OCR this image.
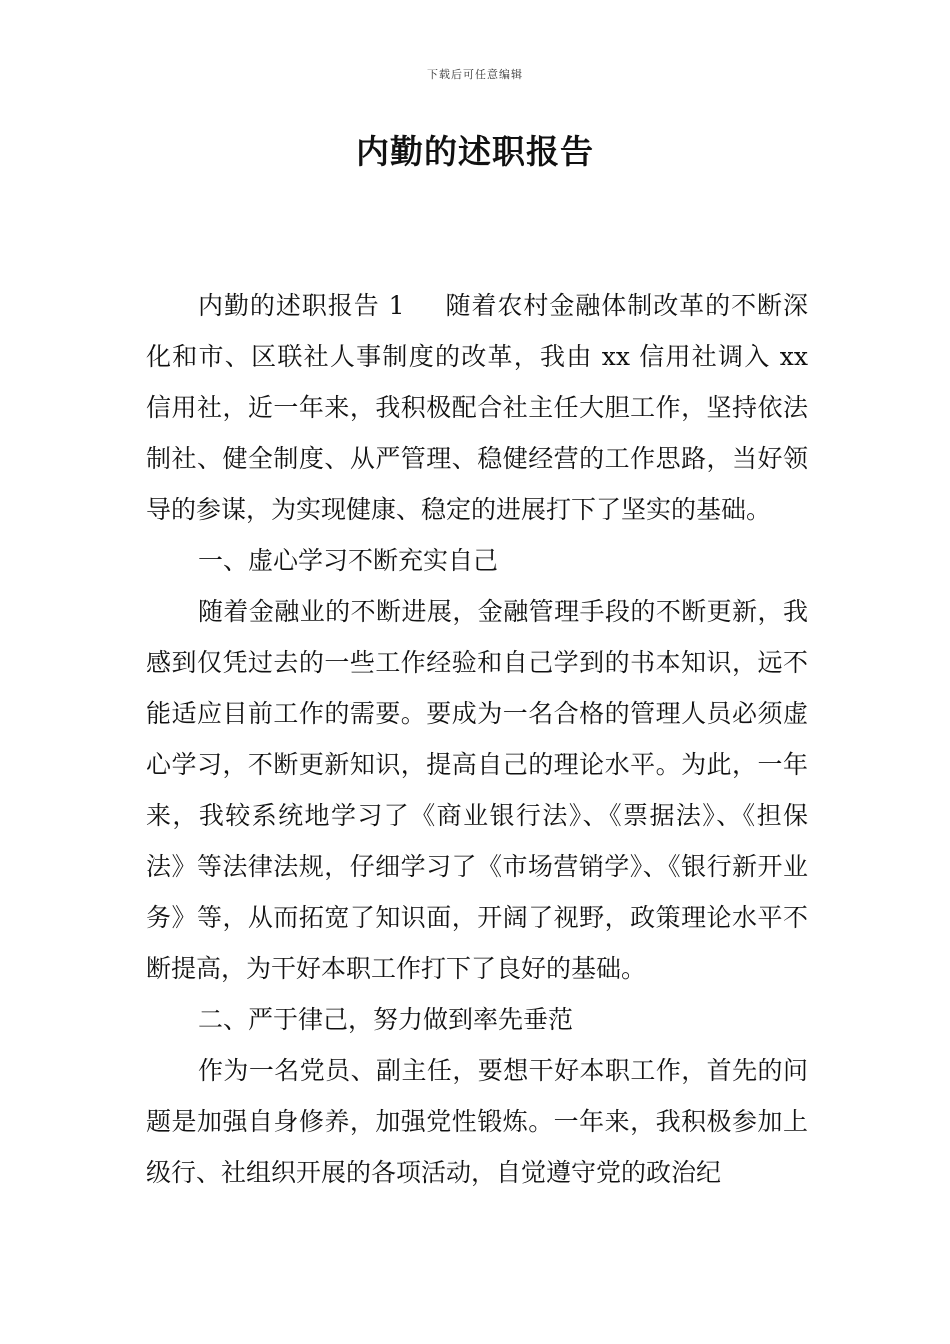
下载后可任意编辑
内勤的述职报告

内勤的述职报告 1 随着农村金融体制改革的不断深化和市、区联社人事制度的改革，我由 xx 信用社调入 xx 信用社，近一年来，我积极配合社主任大胆工作，坚持依法制社、健全制度、从严管理、稳健经营的工作思路，当好领导的参谋，为实现健康、稳定的进展打下了坚实的基础。

一、虚心学习不断充实自己

随着金融业的不断进展，金融管理手段的不断更新，我感到仅凭过去的一些工作经验和自己学到的书本知识，远不能适应目前工作的需要。要成为一名合格的管理人员必须虚心学习，不断更新知识，提高自己的理论水平。为此，一年来，我较系统地学习了《商业银行法》、《票据法》、《担保法》等法律法规，仔细学习了《市场营销学》、《银行新开业务》等，从而拓宽了知识面，开阔了视野，政策理论水平不断提高，为干好本职工作打下了良好的基础。

二、严于律己，努力做到率先垂范

作为一名党员、副主任，要想干好本职工作，首先的问题是加强自身修养，加强党性锻炼。一年来，我积极参加上级行、社组织开展的各项活动，自觉遵守党的政治纪
